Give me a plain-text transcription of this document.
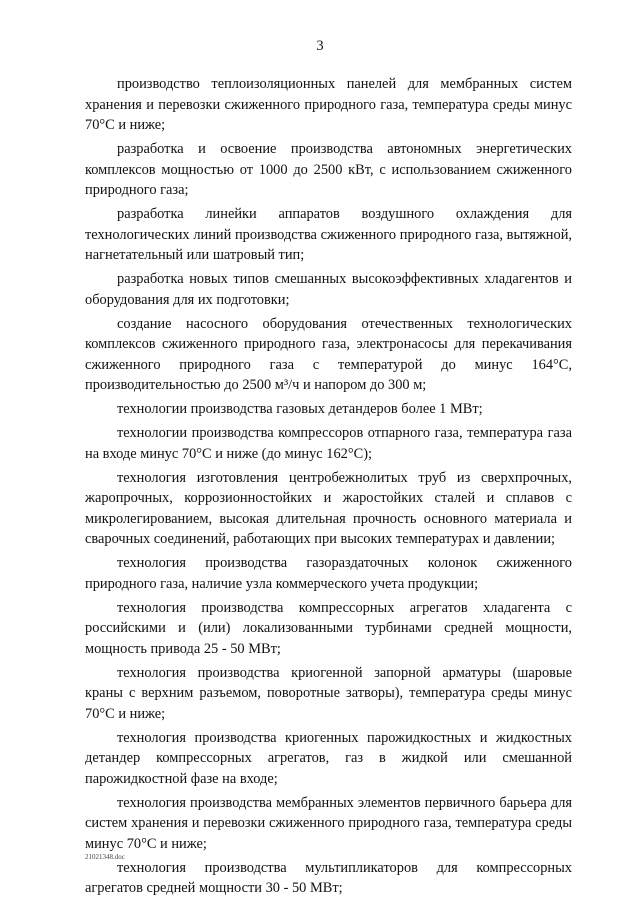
3

производство теплоизоляционных панелей для мембранных систем хранения и перевозки сжиженного природного газа, температура среды минус 70°С и ниже;

разработка и освоение производства автономных энергетических комплексов мощностью от 1000 до 2500 кВт, с использованием сжиженного природного газа;

разработка линейки аппаратов воздушного охлаждения для технологических линий производства сжиженного природного газа, вытяжной, нагнетательный или шатровый тип;

разработка новых типов смешанных высокоэффективных хладагентов и оборудования для их подготовки;

создание насосного оборудования отечественных технологических комплексов сжиженного природного газа, электронасосы для перекачивания сжиженного природного газа с температурой до минус 164°С, производительностью до 2500 м³/ч и напором до 300 м;

технологии производства газовых детандеров более 1 МВт;

технологии производства компрессоров отпарного газа, температура газа на входе минус 70°С и ниже (до минус 162°С);

технология изготовления центробежнолитых труб из сверхпрочных, жаропрочных, коррозионностойких и жаростойких сталей и сплавов с микролегированием, высокая длительная прочность основного материала и сварочных соединений, работающих при высоких температурах и давлении;

технология производства газораздаточных колонок сжиженного природного газа, наличие узла коммерческого учета продукции;

технология производства компрессорных агрегатов хладагента с российскими и (или) локализованными турбинами средней мощности, мощность привода 25 - 50 МВт;

технология производства криогенной запорной арматуры (шаровые краны с верхним разъемом, поворотные затворы), температура среды минус 70°С и ниже;

технология производства криогенных парожидкостных и жидкостных детандер компрессорных агрегатов, газ в жидкой или смешанной парожидкостной фазе на входе;

технология производства мембранных элементов первичного барьера для систем хранения и перевозки сжиженного природного газа, температура среды минус 70°С и ниже;

технология производства мультипликаторов для компрессорных агрегатов средней мощности 30 - 50 МВт;

21021348.doc
